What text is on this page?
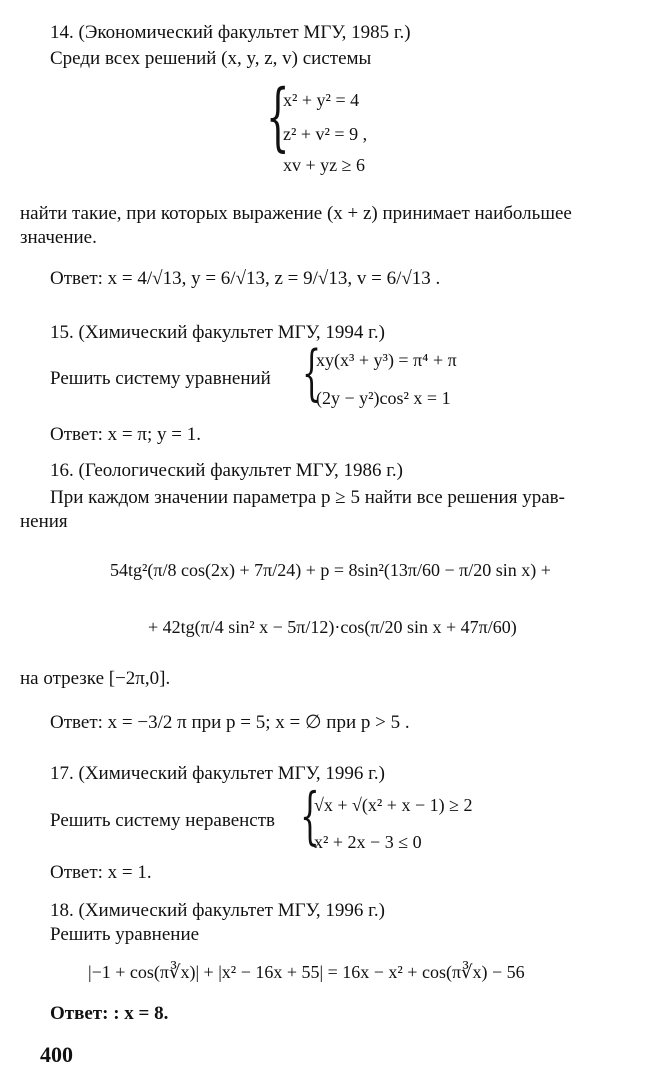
14. (Экономический факультет МГУ, 1985 г.)
Среди всех решений (x, y, z, v) системы
{
x² + y² = 4
z² + v² = 9 ,
xv + yz ≥ 6
найти такие, при которых выражение (x + z) принимает наибольшее
значение.
Ответ: x = 4/√13, y = 6/√13, z = 9/√13, v = 6/√13 .
15. (Химический факультет МГУ, 1994 г.)
Решить систему уравнений {
xy(x³ + y³) = π⁴ + π
(2y − y²)cos² x = 1
Ответ: x = π; y = 1.
16. (Геологический факультет МГУ, 1986 г.)
При каждом значении параметра p ≥ 5 найти все решения урав-
нения
54tg²(π/8 cos(2x) + 7π/24) + p = 8sin²(13π/60 − π/20 sin x) +
+ 42tg(π/4 sin² x − 5π/12)·cos(π/20 sin x + 47π/60)
на отрезке [−2π,0].
Ответ: x = −3/2 π при p = 5; x = ∅ при p > 5 .
17. (Химический факультет МГУ, 1996 г.)
Решить систему неравенств {
√x + √(x² + x − 1) ≥ 2
x² + 2x − 3 ≤ 0
Ответ: x = 1.
18. (Химический факультет МГУ, 1996 г.)
Решить уравнение
|−1 + cos(π∛x)| + |x² − 16x + 55| = 16x − x² + cos(π∛x) − 56
Ответ: : x = 8.
400
